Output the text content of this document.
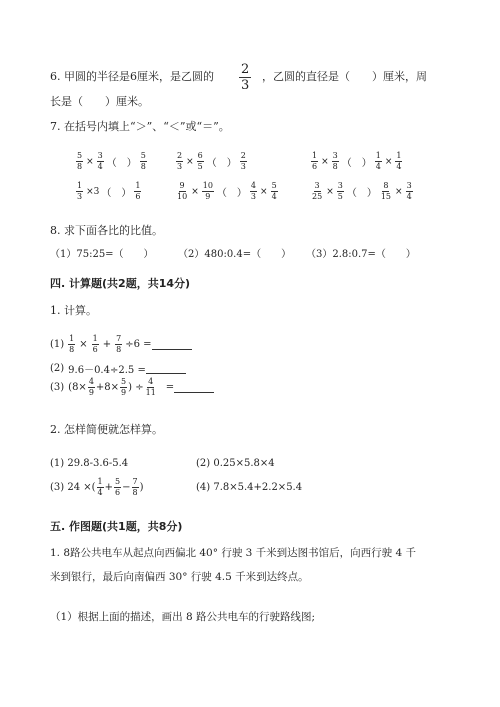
6. 甲圆的半径是6厘米，是乙圆的 $\frac{2}{3}$ ，乙圆的直径是（　　）厘米，周
长是（　　）厘米。
7. 在括号内填上“＞”、“＜”或“＝”。
$\frac{5}{8} \times \frac{3}{4}$ （　） $\frac{5}{8}$	$\frac{2}{3} \times \frac{6}{5}$ （　） $\frac{2}{3}$	$\frac{1}{6} \times \frac{3}{8}$ （　） $\frac{1}{4} \times \frac{1}{4}$
$\frac{1}{3} \times 3$ （　） $\frac{1}{6}$	$\frac{9}{10} \times \frac{10}{9}$ （　） $\frac{4}{3} \times \frac{5}{4}$	$\frac{3}{25} \times \frac{3}{5}$ （　） $\frac{8}{15} \times \frac{3}{4}$
8. 求下面各比的比值。
（1）75:25=（　　） （2）480:0.4=（　　） （3）2.8:0.7=（　　）
四. 计算题(共2题，共14分)
1. 计算。
$(1) \frac{1}{8} \times \frac{1}{6} + \frac{7}{8} \div 6$ =
(2) 9.6－0.4÷2.5 =
(3) ($8\times \frac{4}{9} +8\times \frac{5}{9}$ ) ÷ $\frac{4}{11}$ =
2. 怎样简便就怎样算。
(1) 29.8-3.6-5.4	(2) 0.25×5.8×4
(3) 24 × ( $\frac{1}{4} + \frac{5}{6} - \frac{7}{8}$ )	(4) 7.8×5.4+2.2×5.4
五. 作图题(共1题，共8分)
1. 8路公共电车从起点向西偏北 40° 行驶 3 千米到达图书馆后，向西行驶 4 千
米到银行，最后向南偏西 30° 行驶 4.5 千米到达终点。
（1）根据上面的描述，画出 8 路公共电车的行驶路线图;
